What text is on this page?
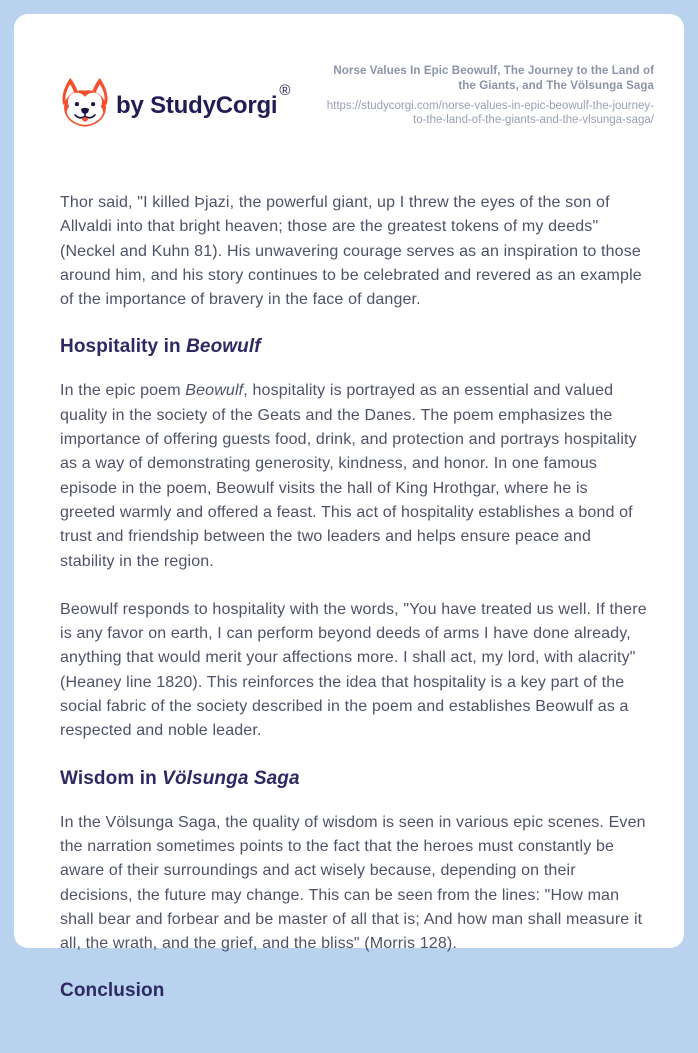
by StudyCorgi®
Norse Values In Epic Beowulf, The Journey to the Land of the Giants, and The Völsunga Saga
https://studycorgi.com/norse-values-in-epic-beowulf-the-journey-to-the-land-of-the-giants-and-the-vlsunga-saga/

Thor said, "I killed Þjazi, the powerful giant, up I threw the eyes of the son of Allvaldi into that bright heaven; those are the greatest tokens of my deeds" (Neckel and Kuhn 81). His unwavering courage serves as an inspiration to those around him, and his story continues to be celebrated and revered as an example of the importance of bravery in the face of danger.

Hospitality in Beowulf

In the epic poem Beowulf, hospitality is portrayed as an essential and valued quality in the society of the Geats and the Danes. The poem emphasizes the importance of offering guests food, drink, and protection and portrays hospitality as a way of demonstrating generosity, kindness, and honor. In one famous episode in the poem, Beowulf visits the hall of King Hrothgar, where he is greeted warmly and offered a feast. This act of hospitality establishes a bond of trust and friendship between the two leaders and helps ensure peace and stability in the region.

Beowulf responds to hospitality with the words, "You have treated us well. If there is any favor on earth, I can perform beyond deeds of arms I have done already, anything that would merit your affections more. I shall act, my lord, with alacrity" (Heaney line 1820). This reinforces the idea that hospitality is a key part of the social fabric of the society described in the poem and establishes Beowulf as a respected and noble leader.

Wisdom in Völsunga Saga

In the Völsunga Saga, the quality of wisdom is seen in various epic scenes. Even the narration sometimes points to the fact that the heroes must constantly be aware of their surroundings and act wisely because, depending on their decisions, the future may change. This can be seen from the lines: "How man shall bear and forbear and be master of all that is; And how man shall measure it all, the wrath, and the grief, and the bliss" (Morris 128).

Conclusion
